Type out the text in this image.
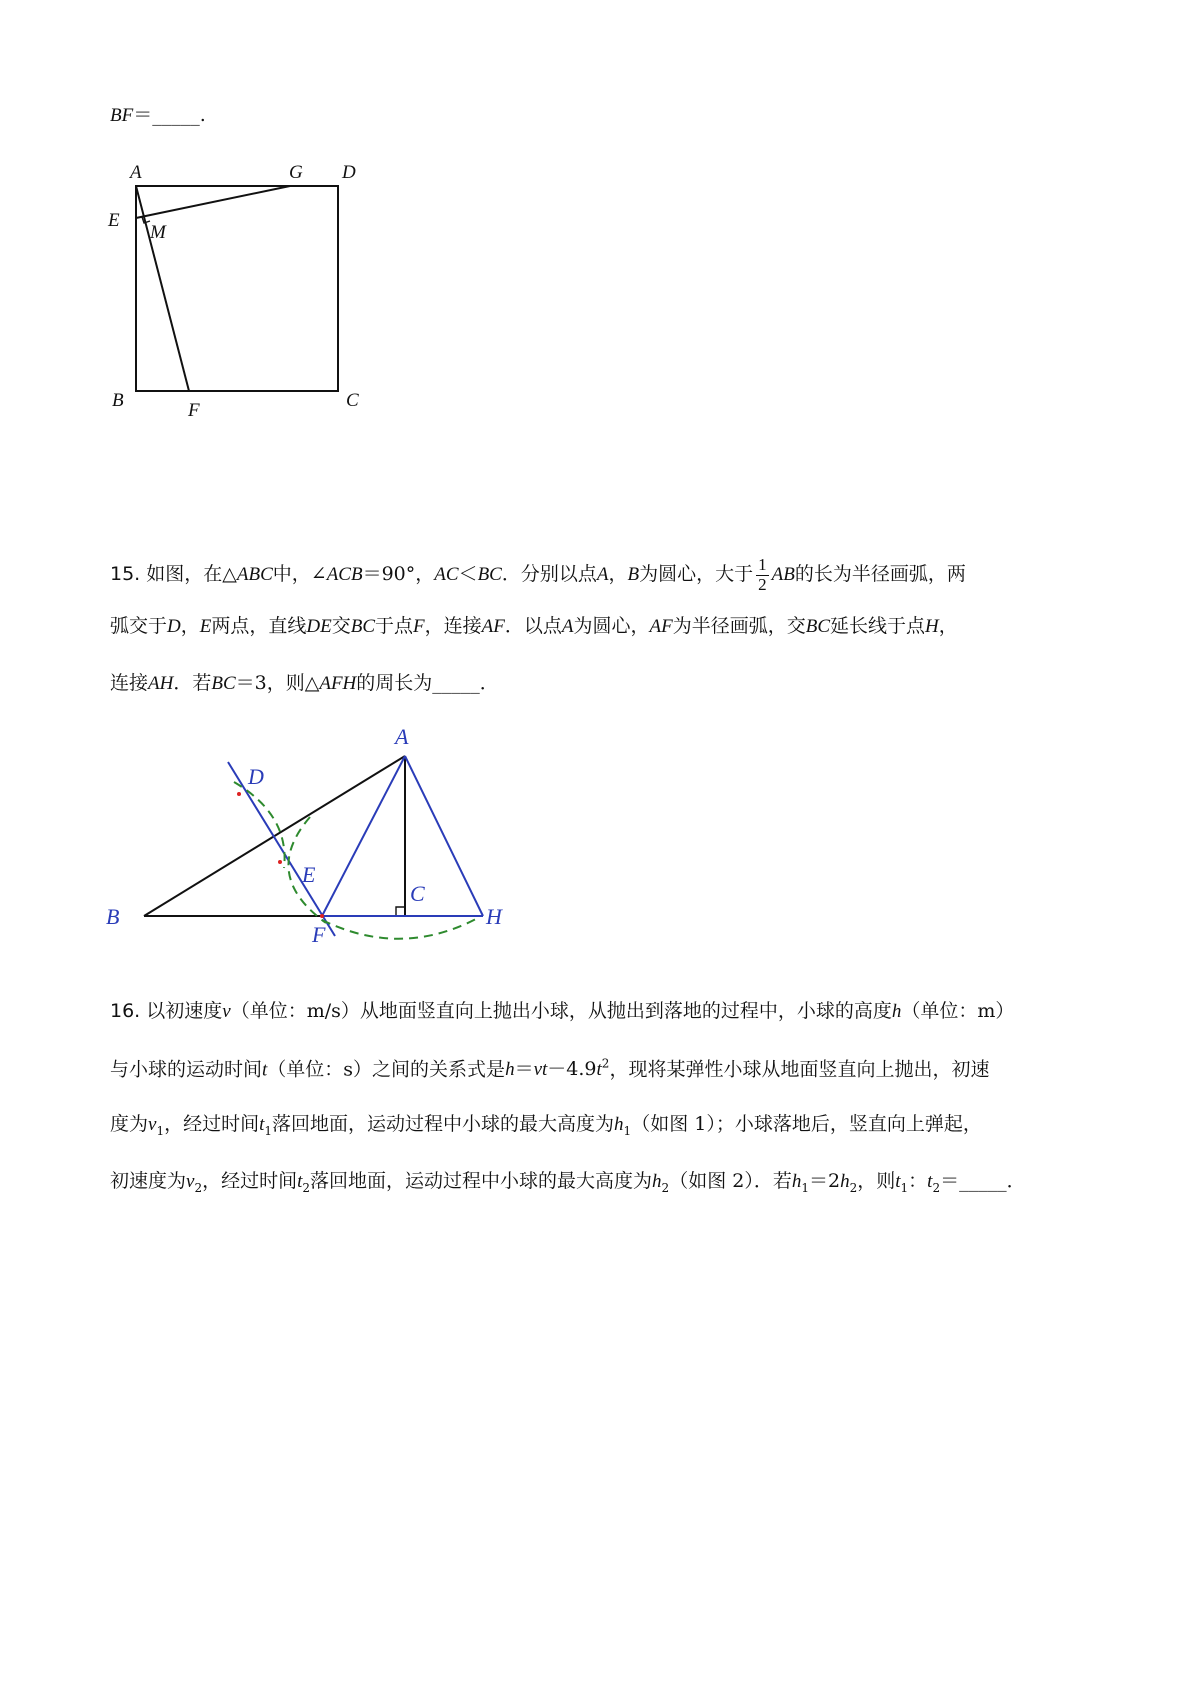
BF＝_____.
A	G D
E
M
B	F	C
15. 如图，在△ABC中，∠ACB＝90°，AC＜BC．分别以点A，B为圆心，大于 $\frac{1}{2}$ AB的长为半径画弧，两
弧交于D，E两点，直线DE交BC于点F，连接AF．以点A为圆心，AF为半径画弧，交BC延长线于点H，
连接AH．若BC＝3，则△AFH的周长为_____．
A
D
E
B
F
C
H
16. 以初速度v（单位：m/s）从地面竖直向上抛出小球，从抛出到落地的过程中，小球的高度h（单位：m）
与小球的运动时间t（单位：s）之间的关系式是$h=vt-4.9t^2$，现将某弹性小球从地面竖直向上抛出，初速
度为$v_1$，经过时间$t_1$落回地面，运动过程中小球的最大高度为$h_1$（如图 1）；小球落地后，竖直向上弹起，
初速度为$v_2$，经过时间$t_2$落回地面，运动过程中小球的最大高度为$h_2$（如图 2）．若$h_1=2h_2$，则$t_1$：$t_2=\_\_\_\_\_$．
